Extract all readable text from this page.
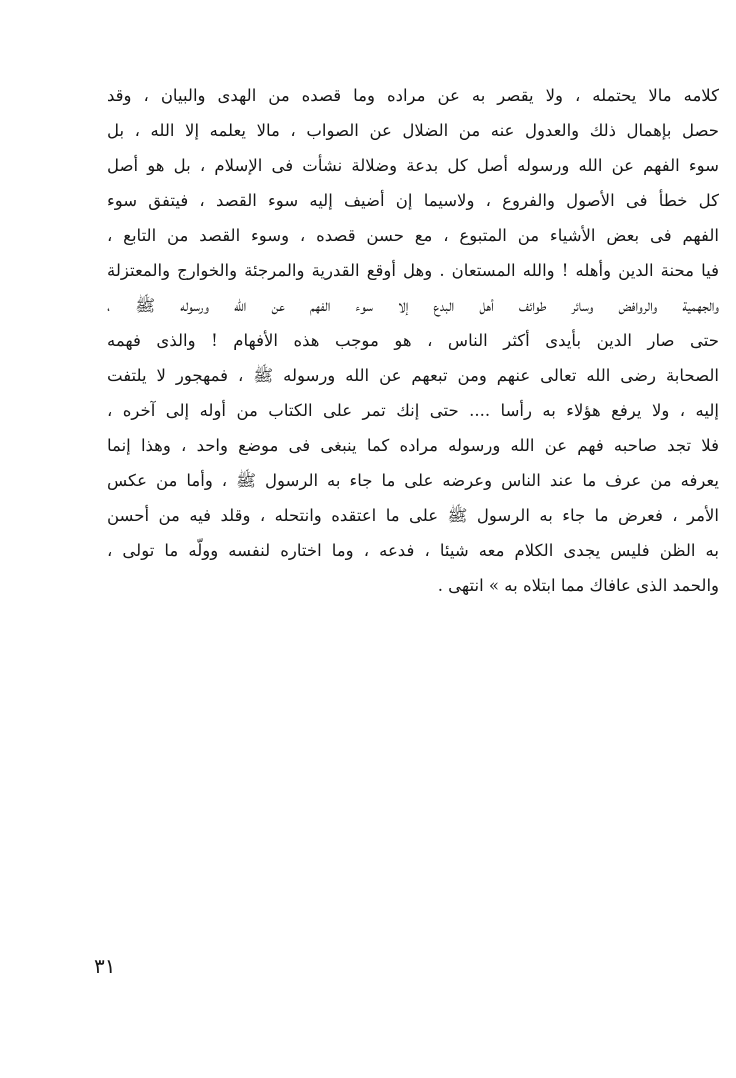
كلامه مالا يحتمله ، ولا يقصر به عن مراده وما قصده من الهدى والبيان ، وقد
حصل بإهمال ذلك والعدول عنه من الضلال عن الصواب ، مالا يعلمه إلا الله ، بل
سوء الفهم عن الله ورسوله أصل كل بدعة وضلالة نشأت فى الإسلام ، بل هو أصل
كل خطأ فى الأصول والفروع ، ولاسيما إن أضيف إليه سوء القصد ، فيتفق سوء
الفهم فى بعض الأشياء من المتبوع ، مع حسن قصده ، وسوء القصد من التابع ،
فيا محنة الدين وأهله ! والله المستعان . وهل أوقع القدرية والمرجئة والخوارج والمعتزلة
والجهمية والروافض وسائر طوائف أهل البدع إلا سوء الفهم عن الله ورسوله ﷺ ،
حتى صار الدين بأيدى أكثر الناس ، هو موجب هذه الأفهام ! والذى فهمه
الصحابة رضى الله تعالى عنهم ومن تبعهم عن الله ورسوله ﷺ ، فمهجور لا يلتفت
إليه ، ولا يرفع هؤلاء به رأسا .... حتى إنك تمر على الكتاب من أوله إلى آخره ،
فلا تجد صاحبه فهم عن الله ورسوله مراده كما ينبغى فى موضع واحد ، وهذا إنما
يعرفه من عرف ما عند الناس وعرضه على ما جاء به الرسول ﷺ ، وأما من عكس
الأمر ، فعرض ما جاء به الرسول ﷺ على ما اعتقده وانتحله ، وقلد فيه من أحسن
به الظن فليس يجدى الكلام معه شيئا ، فدعه ، وما اختاره لنفسه وولّه ما تولى ،
والحمد الذى عافاك مما ابتلاه به » انتهى .
٣١
